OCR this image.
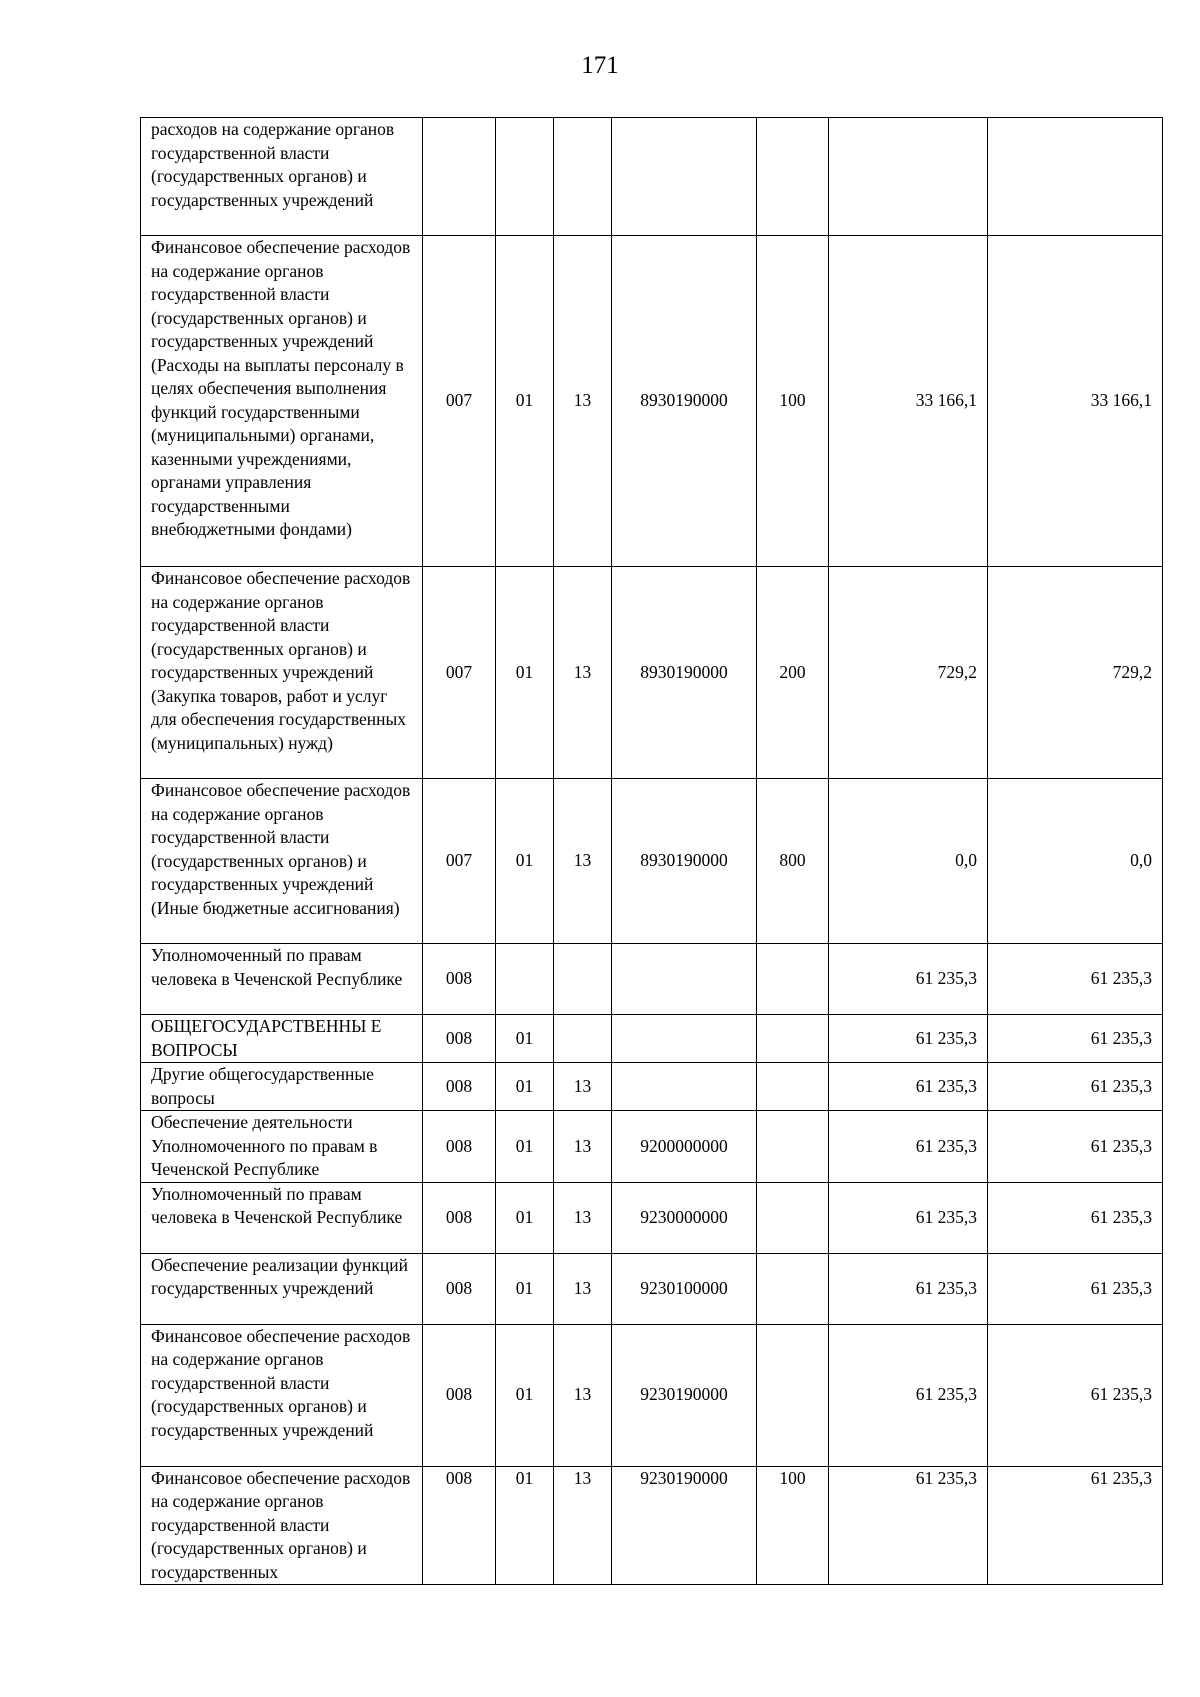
171
расходов на содержание органов государственной власти (государственных органов) и государственных учреждений							
Финансовое обеспечение расходов на содержание органов государственной власти (государственных органов) и государственных учреждений (Расходы на выплаты персоналу в целях обеспечения выполнения функций государственными (муниципальными) органами, казенными учреждениями, органами управления государственными внебюджетными фондами)	007	01	13	8930190000	100	33 166,1	33 166,1
Финансовое обеспечение расходов на содержание органов государственной власти (государственных органов) и государственных учреждений (Закупка товаров, работ и услуг для обеспечения государственных (муниципальных) нужд)	007	01	13	8930190000	200	729,2	729,2
Финансовое обеспечение расходов на содержание органов государственной власти (государственных органов) и государственных учреждений (Иные бюджетные ассигнования)	007	01	13	8930190000	800	0,0	0,0
Уполномоченный по правам человека в Чеченской Республике	008					61 235,3	61 235,3
ОБЩЕГОСУДАРСТВЕННЫ Е ВОПРОСЫ	008	01				61 235,3	61 235,3
Другие общегосударственные вопросы	008	01	13			61 235,3	61 235,3
Обеспечение деятельности Уполномоченного по правам в Чеченской Республике	008	01	13	9200000000		61 235,3	61 235,3
Уполномоченный по правам человека в Чеченской Республике	008	01	13	9230000000		61 235,3	61 235,3
Обеспечение реализации функций государственных учреждений	008	01	13	9230100000		61 235,3	61 235,3
Финансовое обеспечение расходов на содержание органов государственной власти (государственных органов) и государственных учреждений	008	01	13	9230190000		61 235,3	61 235,3
Финансовое обеспечение расходов на содержание органов государственной власти (государственных органов) и государственных	008	01	13	9230190000	100	61 235,3	61 235,3
